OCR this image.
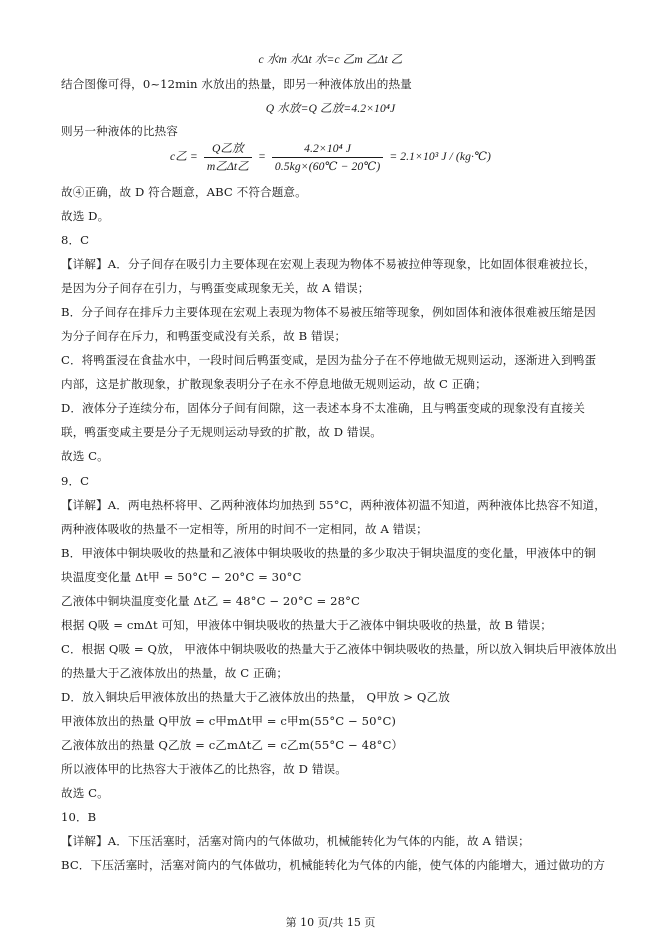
c 水m 水Δt 水=c 乙m 乙Δt 乙
结合图像可得，0~12min 水放出的热量，即另一种液体放出的热量
Q 水放=Q 乙放=4.2×10⁴J
则另一种液体的比热容
c乙 = $\frac{\text{Q乙放}}{\text{m乙Δt乙}} = \frac{\text{4.2×10⁴ J}}{0.5kg\times(60℃ - 20℃)} = 2.1\times 10^3$ J / (kg·℃)
故④正确，故 D 符合题意，ABC 不符合题意。
故选 D。
8．C
【详解】A．分子间存在吸引力主要体现在宏观上表现为物体不易被拉伸等现象，比如固体很难被拉长，
是因为分子间存在引力，与鸭蛋变咸现象无关，故 A 错误；
B．分子间存在排斥力主要体现在宏观上表现为物体不易被压缩等现象，例如固体和液体很难被压缩是因
为分子间存在斥力，和鸭蛋变咸没有关系，故 B 错误；
C．将鸭蛋浸在食盐水中，一段时间后鸭蛋变咸，是因为盐分子在不停地做无规则运动，逐渐进入到鸭蛋
内部，这是扩散现象，扩散现象表明分子在永不停息地做无规则运动，故 C 正确；
D．液体分子连续分布，固体分子间有间隙，这一表述本身不太准确，且与鸭蛋变咸的现象没有直接关
联，鸭蛋变咸主要是分子无规则运动导致的扩散，故 D 错误。
故选 C。
9．C
【详解】A．两电热杯将甲、乙两种液体均加热到 55°C，两种液体初温不知道，两种液体比热容不知道，
两种液体吸收的热量不一定相等，所用的时间不一定相同，故 A 错误；
B．甲液体中铜块吸收的热量和乙液体中铜块吸收的热量的多少取决于铜块温度的变化量，甲液体中的铜
块温度变化量 Δt甲 = 50°C − 20°C = 30°C
乙液体中铜块温度变化量 Δt乙 = 48°C − 20°C = 28°C
根据 Q吸 = cmΔt 可知，甲液体中铜块吸收的热量大于乙液体中铜块吸收的热量，故 B 错误；
C．根据 Q吸 = Q放， 甲液体中铜块吸收的热量大于乙液体中铜块吸收的热量，所以放入铜块后甲液体放出
的热量大于乙液体放出的热量，故 C 正确；
D．放入铜块后甲液体放出的热量大于乙液体放出的热量， Q甲放 > Q乙放
甲液体放出的热量 Q甲放 = c甲mΔt甲 = c甲m(55°C − 50°C)
乙液体放出的热量 Q乙放 = c乙mΔt乙 = c乙m(55°C − 48°C）
所以液体甲的比热容大于液体乙的比热容，故 D 错误。
故选 C。
10．B
【详解】A．下压活塞时，活塞对筒内的气体做功，机械能转化为气体的内能，故 A 错误；
BC．下压活塞时，活塞对筒内的气体做功，机械能转化为气体的内能，使气体的内能增大，通过做功的方
第 10 页/共 15 页
